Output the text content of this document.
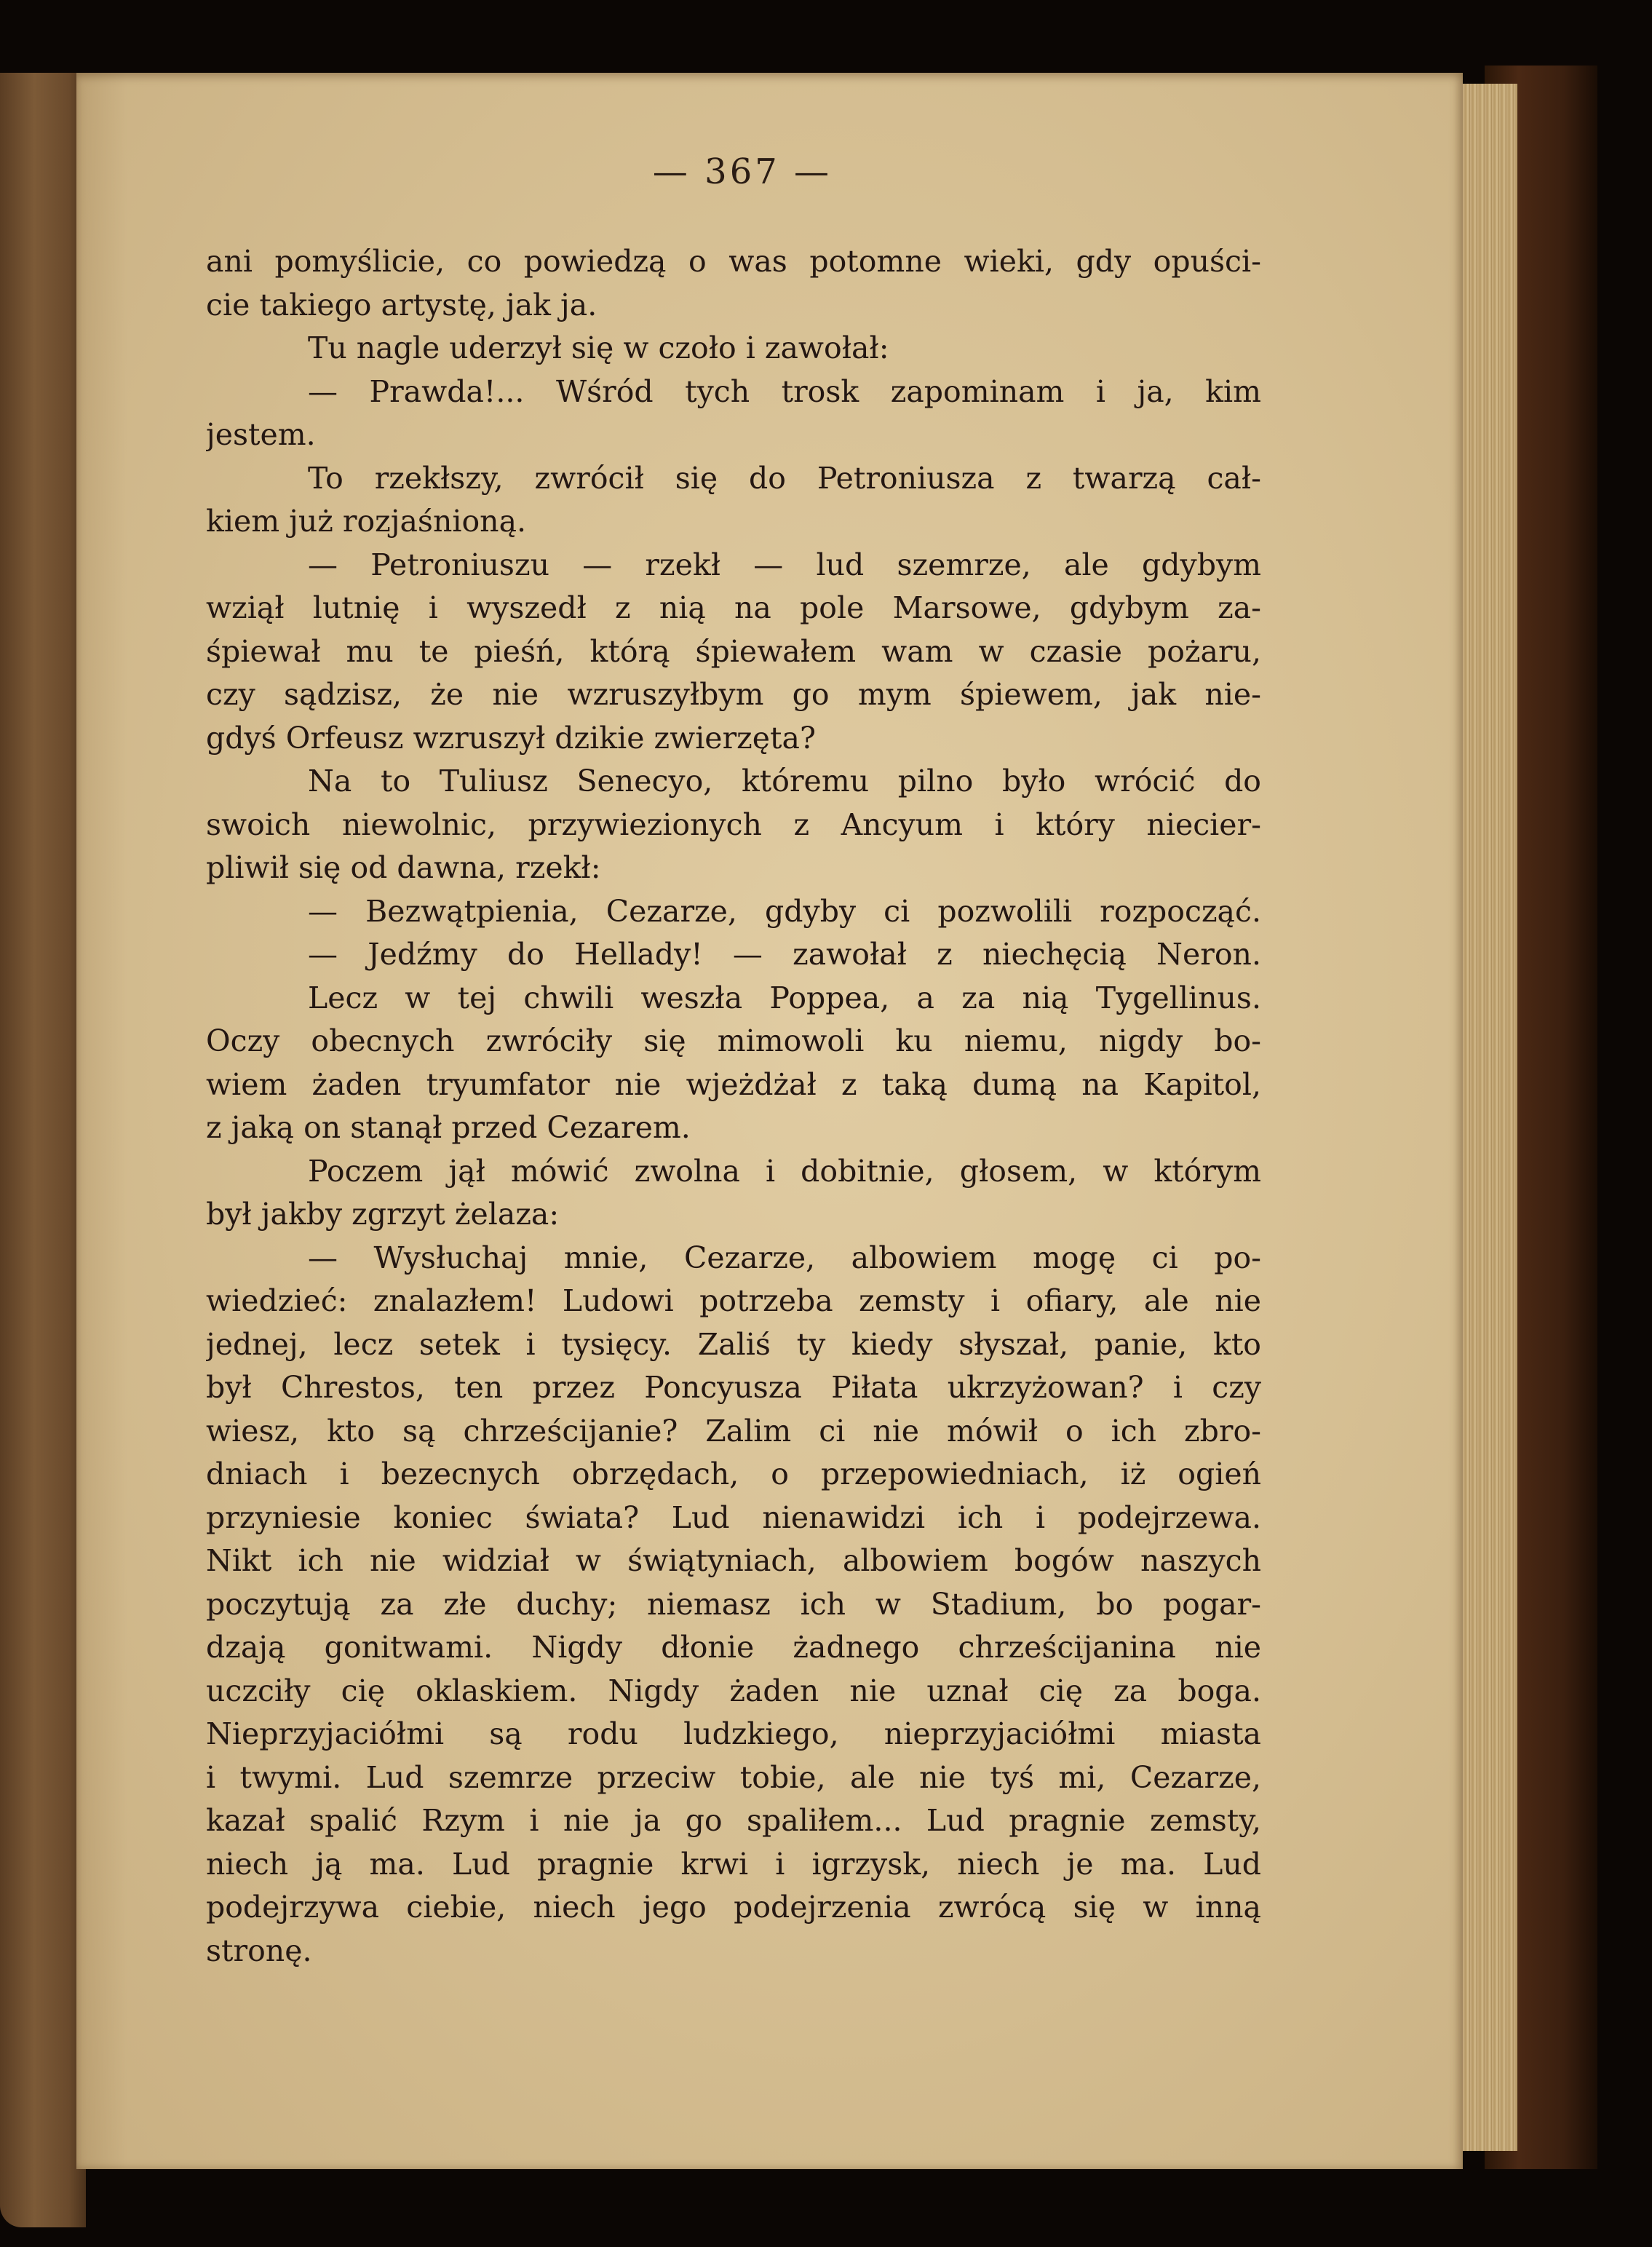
— 367 —
ani pomyślicie, co powiedzą o was potomne wieki, gdy opuści-
cie takiego artystę, jak ja.
Tu nagle uderzył się w czoło i zawołał:
— Prawda!... Wśród tych trosk zapominam i ja, kim
jestem.
To rzekłszy, zwrócił się do Petroniusza z twarzą cał-
kiem już rozjaśnioną.
— Petroniuszu — rzekł — lud szemrze, ale gdybym
wziął lutnię i wyszedł z nią na pole Marsowe, gdybym za-
śpiewał mu te pieśń, którą śpiewałem wam w czasie pożaru,
czy sądzisz, że nie wzruszyłbym go mym śpiewem, jak nie-
gdyś Orfeusz wzruszył dzikie zwierzęta?
Na to Tuliusz Senecyo, któremu pilno było wrócić do
swoich niewolnic, przywiezionych z Ancyum i który niecier-
pliwił się od dawna, rzekł:
— Bezwątpienia, Cezarze, gdyby ci pozwolili rozpocząć.
— Jedźmy do Hellady! — zawołał z niechęcią Neron.
Lecz w tej chwili weszła Poppea, a za nią Tygellinus.
Oczy obecnych zwróciły się mimowoli ku niemu, nigdy bo-
wiem żaden tryumfator nie wjeżdżał z taką dumą na Kapitol,
z jaką on stanął przed Cezarem.
Poczem jął mówić zwolna i dobitnie, głosem, w którym
był jakby zgrzyt żelaza:
— Wysłuchaj mnie, Cezarze, albowiem mogę ci po-
wiedzieć: znalazłem! Ludowi potrzeba zemsty i ofiary, ale nie
jednej, lecz setek i tysięcy. Zaliś ty kiedy słyszał, panie, kto
był Chrestos, ten przez Poncyusza Piłata ukrzyżowan? i czy
wiesz, kto są chrześcijanie? Zalim ci nie mówił o ich zbro-
dniach i bezecnych obrzędach, o przepowiedniach, iż ogień
przyniesie koniec świata? Lud nienawidzi ich i podejrzewa.
Nikt ich nie widział w świątyniach, albowiem bogów naszych
poczytują za złe duchy; niemasz ich w Stadium, bo pogar-
dzają gonitwami. Nigdy dłonie żadnego chrześcijanina nie
uczciły cię oklaskiem. Nigdy żaden nie uznał cię za boga.
Nieprzyjaciółmi są rodu ludzkiego, nieprzyjaciółmi miasta
i twymi. Lud szemrze przeciw tobie, ale nie tyś mi, Cezarze,
kazał spalić Rzym i nie ja go spaliłem... Lud pragnie zemsty,
niech ją ma. Lud pragnie krwi i igrzysk, niech je ma. Lud
podejrzywa ciebie, niech jego podejrzenia zwrócą się w inną
stronę.
